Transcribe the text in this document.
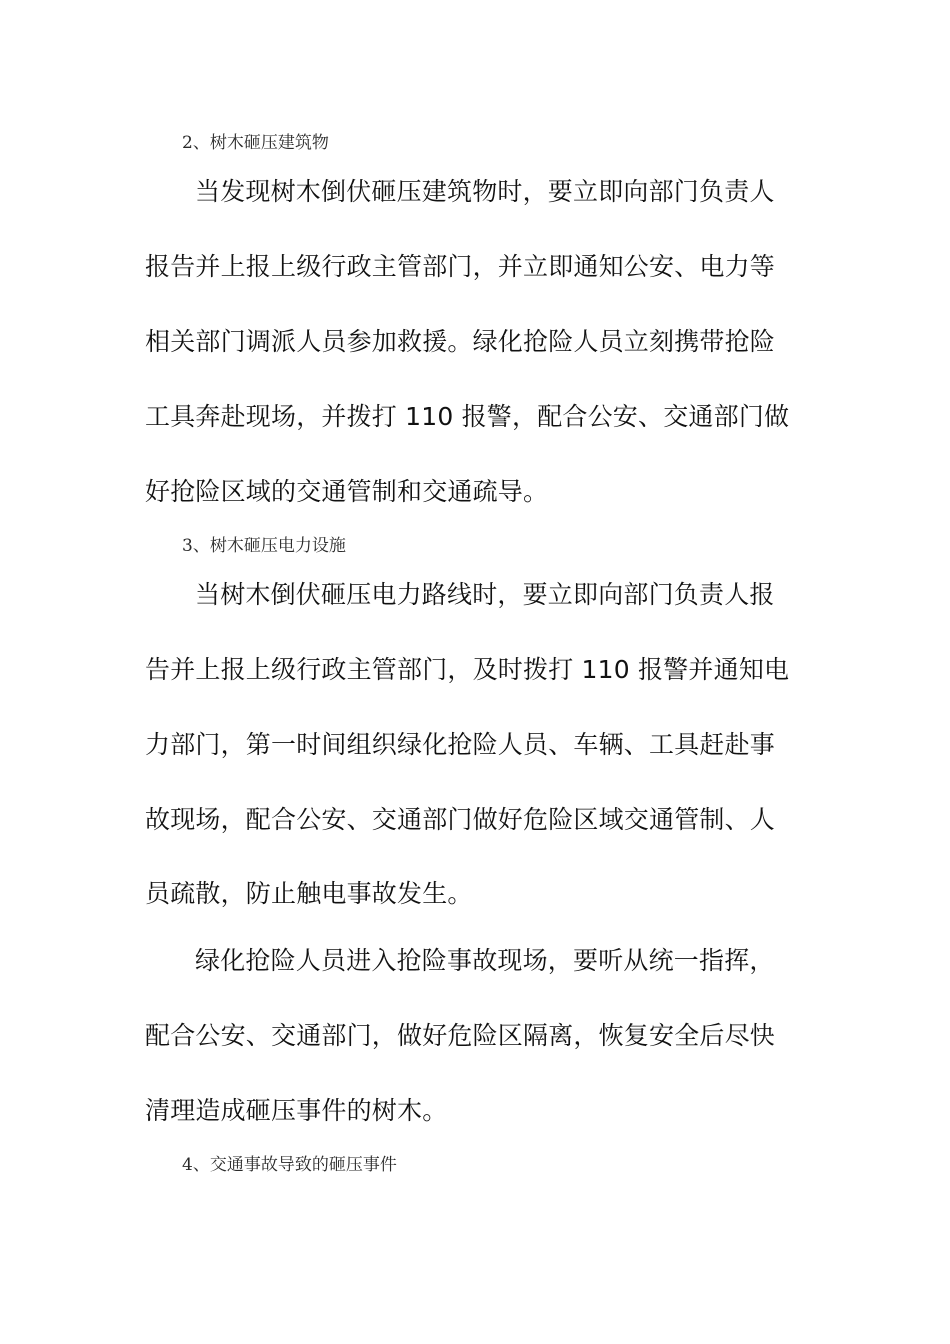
2、树木砸压建筑物
当发现树木倒伏砸压建筑物时，要立即向部门负责人
报告并上报上级行政主管部门，并立即通知公安、电力等
相关部门调派人员参加救援。绿化抢险人员立刻携带抢险
工具奔赴现场，并拨打 110 报警，配合公安、交通部门做
好抢险区域的交通管制和交通疏导。
3、树木砸压电力设施
当树木倒伏砸压电力路线时，要立即向部门负责人报
告并上报上级行政主管部门，及时拨打 110 报警并通知电
力部门，第一时间组织绿化抢险人员、车辆、工具赶赴事
故现场，配合公安、交通部门做好危险区域交通管制、人
员疏散，防止触电事故发生。
绿化抢险人员进入抢险事故现场，要听从统一指挥，
配合公安、交通部门，做好危险区隔离，恢复安全后尽快
清理造成砸压事件的树木。
4、交通事故导致的砸压事件
